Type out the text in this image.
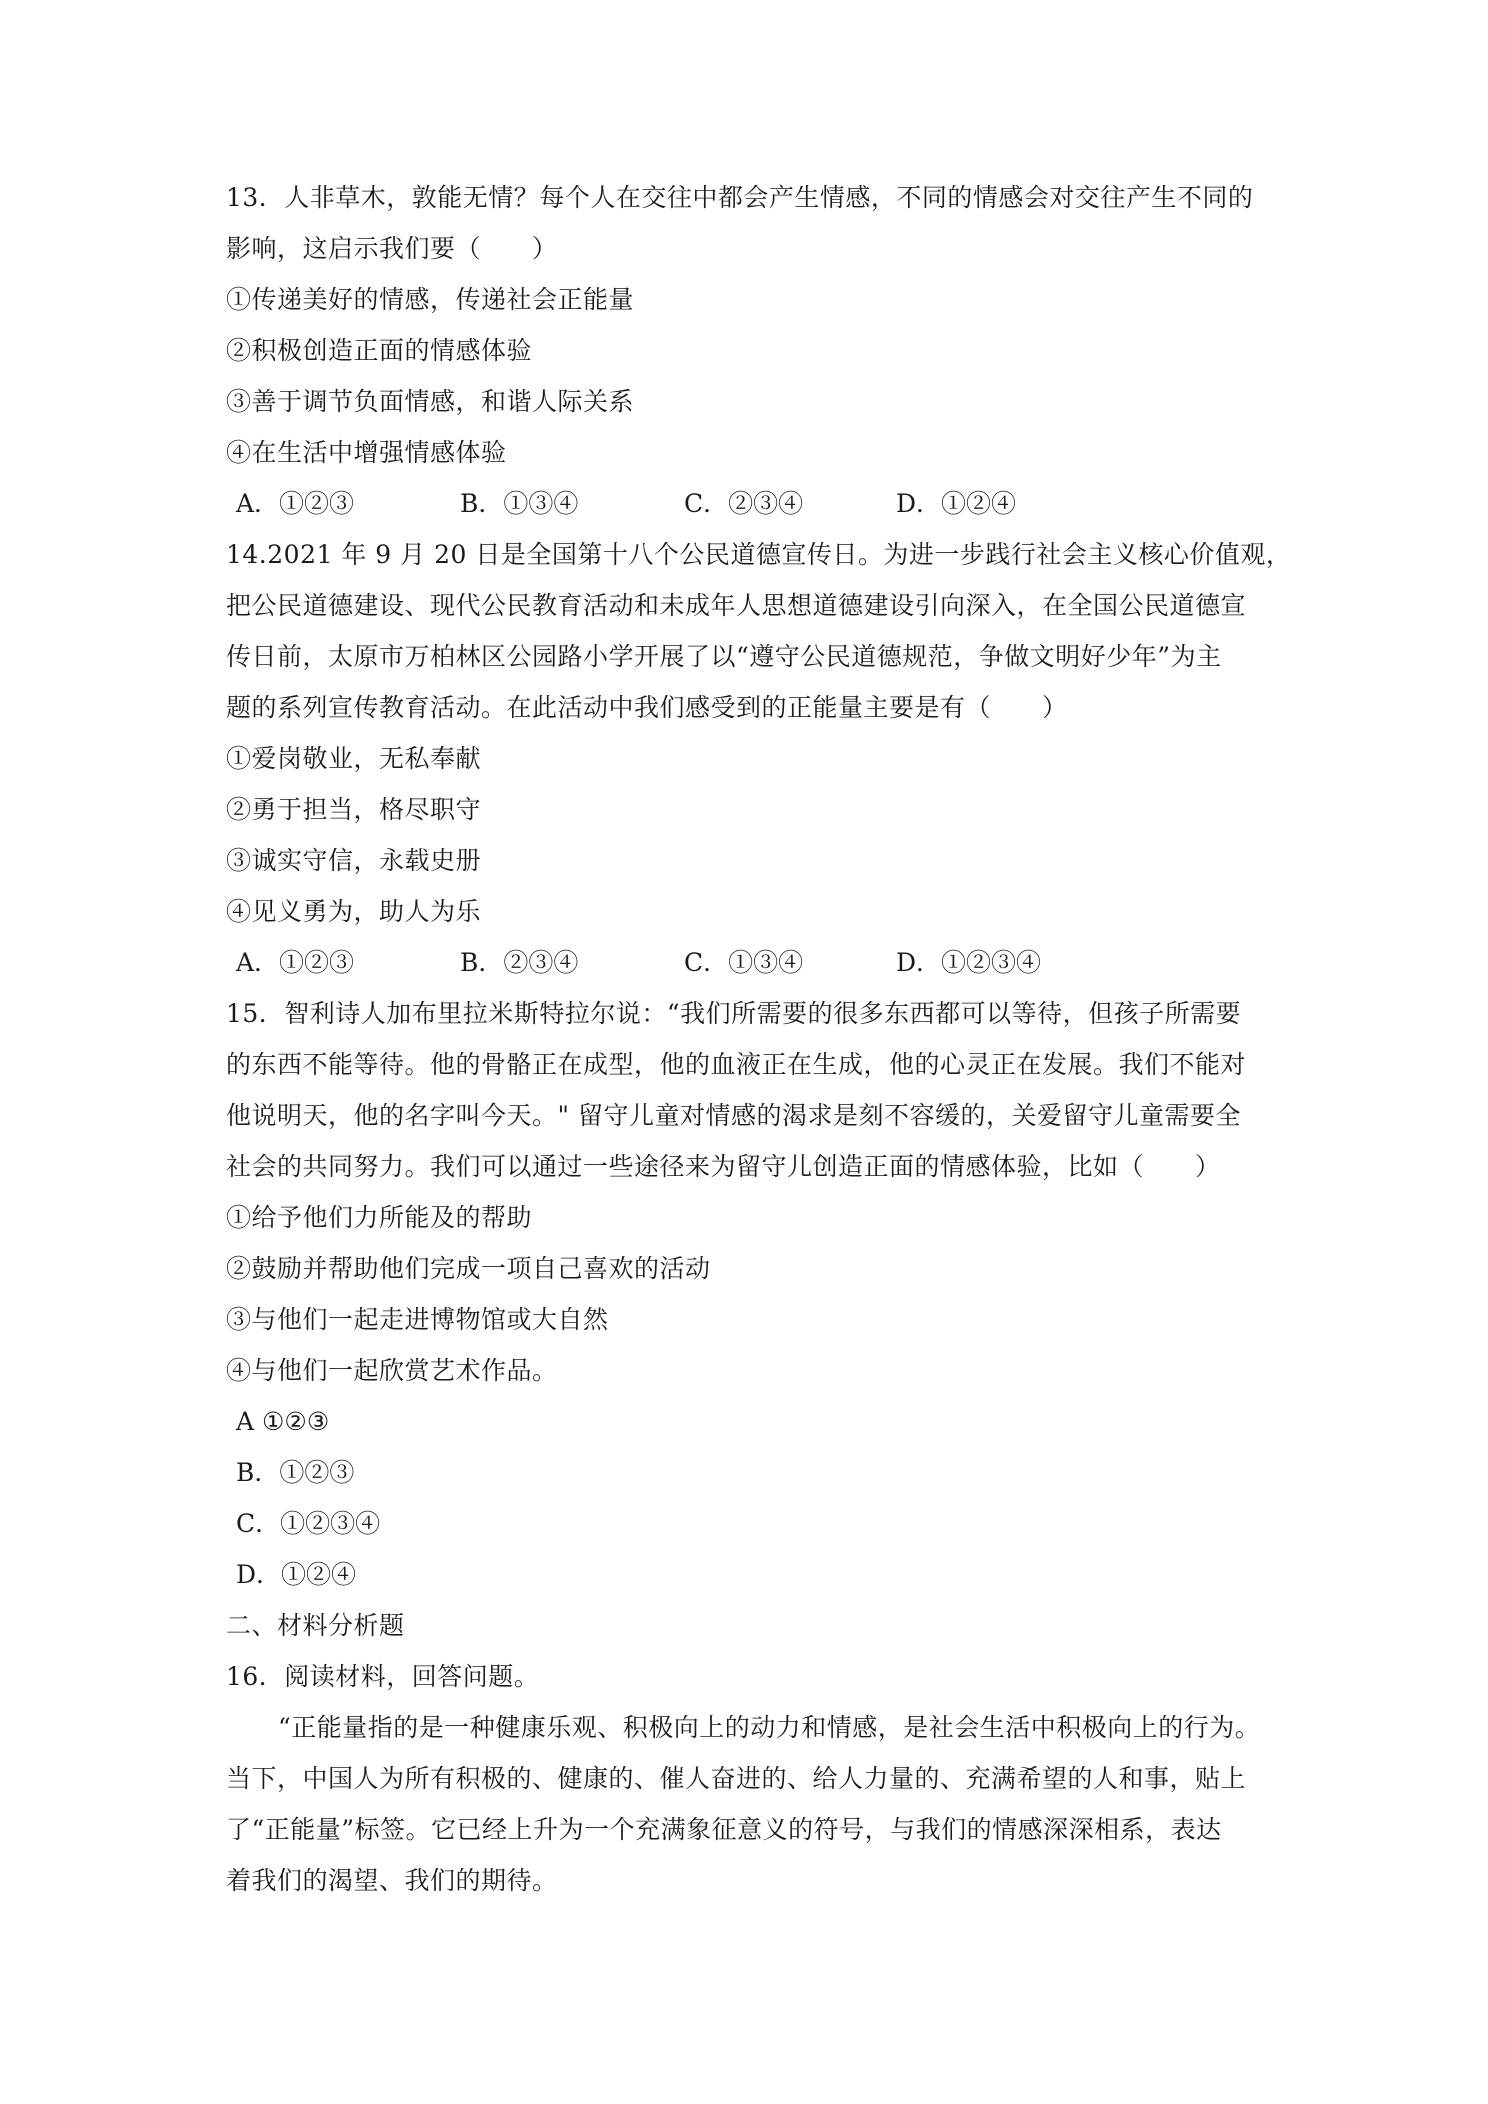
13．人非草木，敦能无情？每个人在交往中都会产生情感，不同的情感会对交往产生不同的
影响，这启示我们要（　　）
①传递美好的情感，传递社会正能量
②积极创造正面的情感体验
③善于调节负面情感，和谐人际关系
④在生活中增强情感体验
A．①②③	B．①③④	C．②③④	D．①②④
14.2021 年 9 月 20 日是全国第十八个公民道德宣传日。为进一步践行社会主义核心价值观，
把公民道德建设、现代公民教育活动和未成年人思想道德建设引向深入，在全国公民道德宣
传日前，太原市万柏林区公园路小学开展了以“遵守公民道德规范，争做文明好少年”为主
题的系列宣传教育活动。在此活动中我们感受到的正能量主要是有（　　）
①爱岗敬业，无私奉献
②勇于担当，格尽职守
③诚实守信，永载史册
④见义勇为，助人为乐
A．①②③	B．②③④	C．①③④	D．①②③④
15．智利诗人加布里拉米斯特拉尔说：“我们所需要的很多东西都可以等待，但孩子所需要
的东西不能等待。他的骨骼正在成型，他的血液正在生成，他的心灵正在发展。我们不能对
他说明天，他的名字叫今天。" 留守儿童对情感的渴求是刻不容缓的，关爱留守儿童需要全
社会的共同努力。我们可以通过一些途径来为留守儿创造正面的情感体验，比如（　　）
①给予他们力所能及的帮助
②鼓励并帮助他们完成一项自己喜欢的活动
③与他们一起走进博物馆或大自然
④与他们一起欣赏艺术作品。
A ①②③
B．①②③
C．①②③④
D．①②④
二、材料分析题
16．阅读材料，回答问题。
“正能量指的是一种健康乐观、积极向上的动力和情感，是社会生活中积极向上的行为。
当下，中国人为所有积极的、健康的、催人奋进的、给人力量的、充满希望的人和事，贴上
了“正能量”标签。它已经上升为一个充满象征意义的符号，与我们的情感深深相系，表达
着我们的渴望、我们的期待。
